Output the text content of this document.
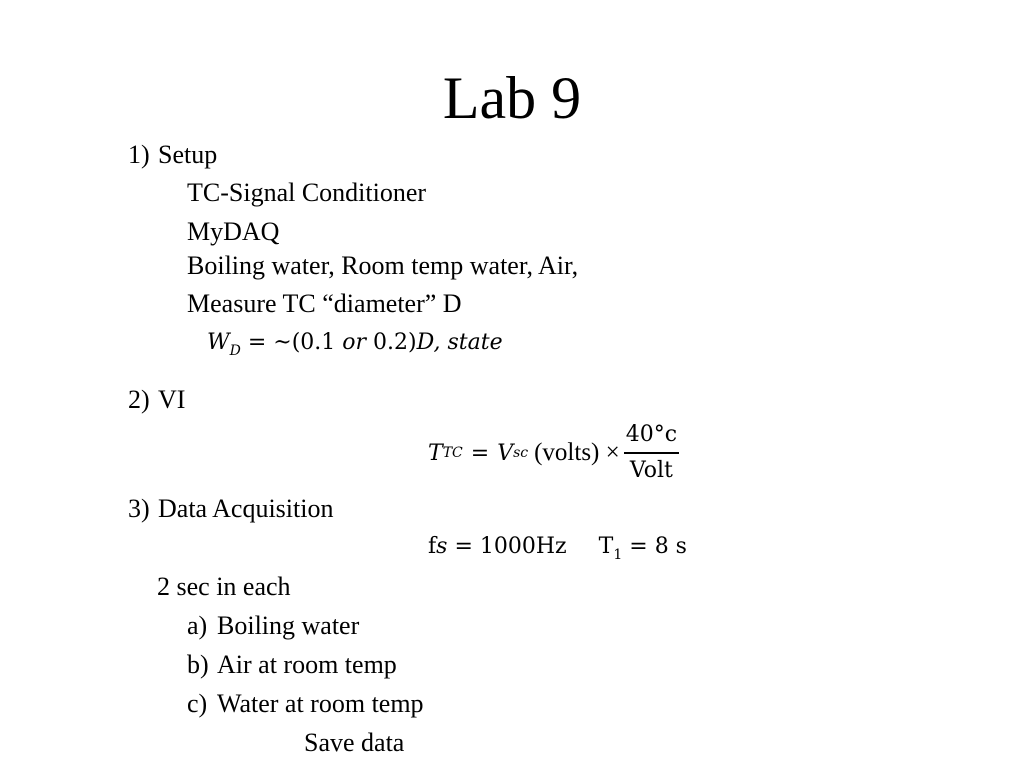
Lab 9
1) Setup
TC-Signal Conditioner
MyDAQ
Boiling water, Room temp water, Air,
Measure TC “diameter” D
$W_D$ = ~(0.1 or 0.2)D, state
2) VI
T TC = V sc (volts) × $\frac{40^\circ c}{\text{Volt}}$
3) Data Acquisition
fs = 1000Hz $T_1 = 8$ s
2 sec in each
a) Boiling water
b) Air at room temp
c) Water at room temp
Save data
